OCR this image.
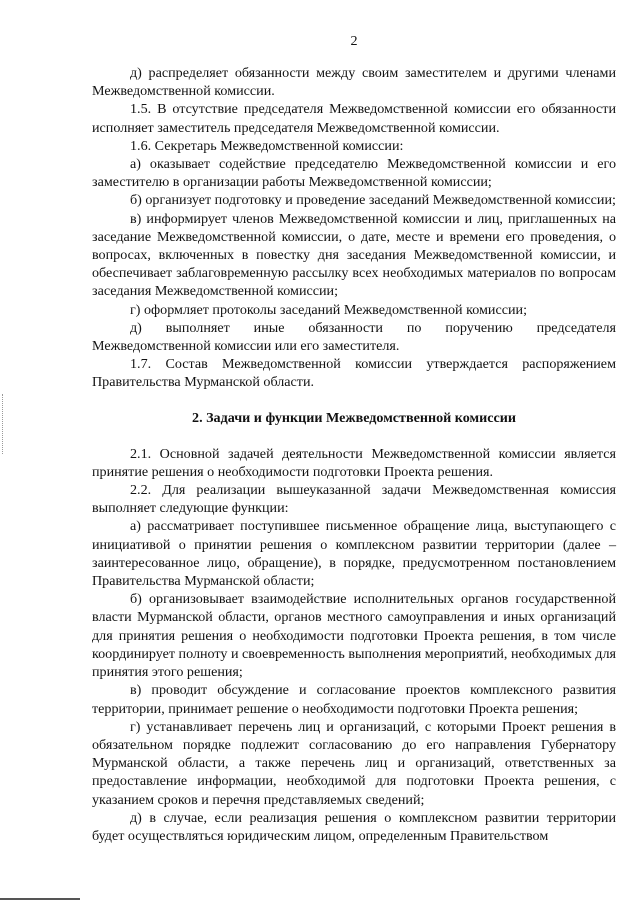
2

д) распределяет обязанности между своим заместителем и другими членами Межведомственной комиссии.

1.5. В отсутствие председателя Межведомственной комиссии его обязанности исполняет заместитель председателя Межведомственной комиссии.

1.6. Секретарь Межведомственной комиссии:

а) оказывает содействие председателю Межведомственной комиссии и его заместителю в организации работы Межведомственной комиссии;

б) организует подготовку и проведение заседаний Межведомственной комиссии;

в) информирует членов Межведомственной комиссии и лиц, приглашенных на заседание Межведомственной комиссии, о дате, месте и времени его проведения, о вопросах, включенных в повестку дня заседания Межведомственной комиссии, и обеспечивает заблаговременную рассылку всех необходимых материалов по вопросам заседания Межведомственной комиссии;

г) оформляет протоколы заседаний Межведомственной комиссии;

д) выполняет иные обязанности по поручению председателя Межведомственной комиссии или его заместителя.

1.7. Состав Межведомственной комиссии утверждается распоряжением Правительства Мурманской области.

2. Задачи и функции Межведомственной комиссии

2.1. Основной задачей деятельности Межведомственной комиссии является принятие решения о необходимости подготовки Проекта решения.

2.2. Для реализации вышеуказанной задачи Межведомственная комиссия выполняет следующие функции:

а) рассматривает поступившее письменное обращение лица, выступающего с инициативой о принятии решения о комплексном развитии территории (далее – заинтересованное лицо, обращение), в порядке, предусмотренном постановлением Правительства Мурманской области;

б) организовывает взаимодействие исполнительных органов государственной власти Мурманской области, органов местного самоуправления и иных организаций для принятия решения о необходимости подготовки Проекта решения, в том числе координирует полноту и своевременность выполнения мероприятий, необходимых для принятия этого решения;

в) проводит обсуждение и согласование проектов комплексного развития территории, принимает решение о необходимости подготовки Проекта решения;

г) устанавливает перечень лиц и организаций, с которыми Проект решения в обязательном порядке подлежит согласованию до его направления Губернатору Мурманской области, а также перечень лиц и организаций, ответственных за предоставление информации, необходимой для подготовки Проекта решения, с указанием сроков и перечня представляемых сведений;

д) в случае, если реализация решения о комплексном развитии территории будет осуществляться юридическим лицом, определенным Правительством
